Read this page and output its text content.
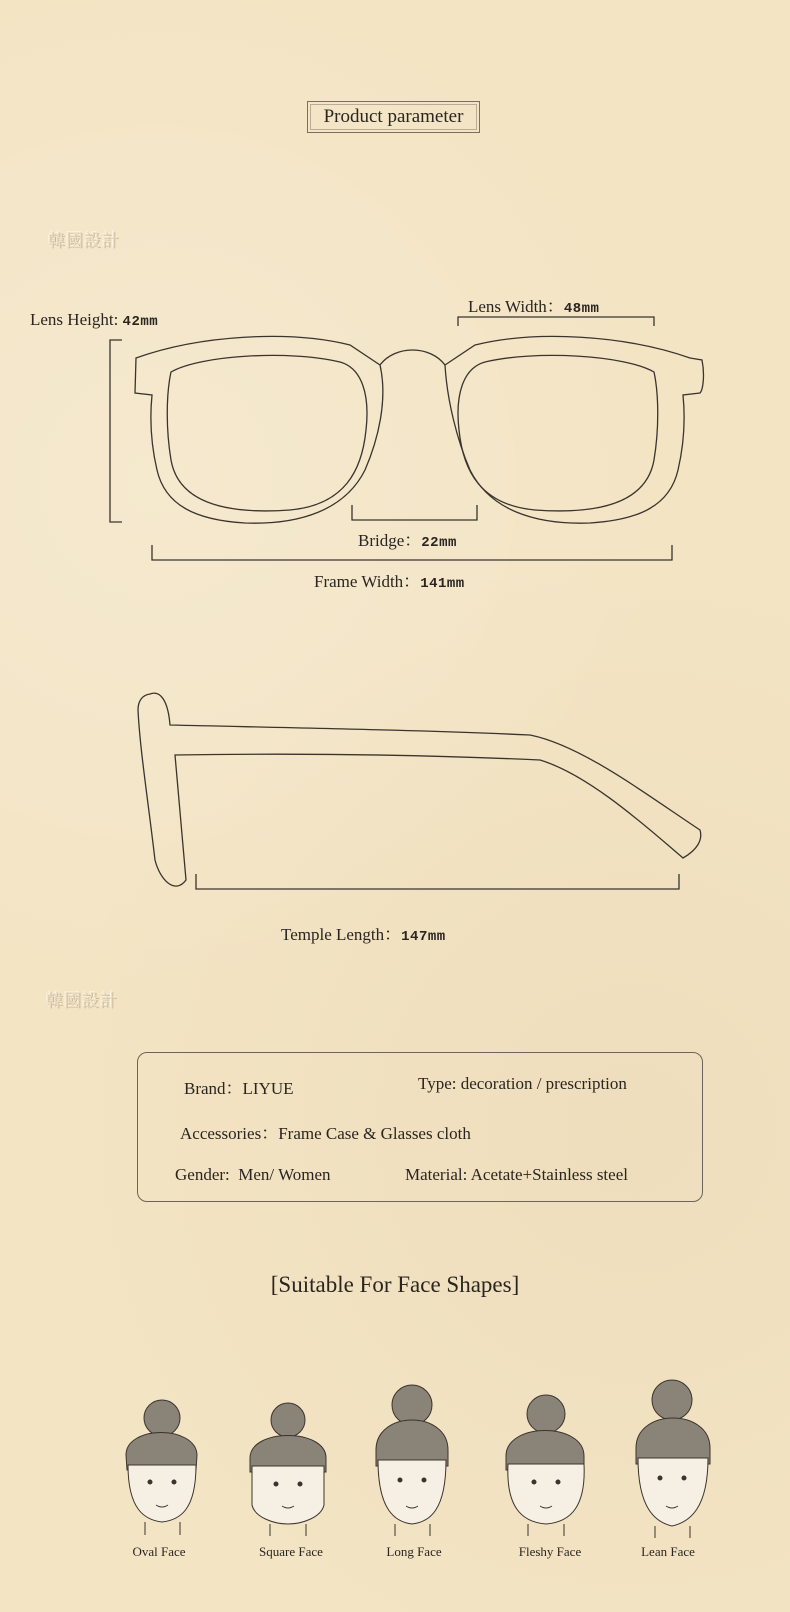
Product parameter
韓國設計
韓國設計
Lens Height: 42mm
Lens Width：48mm
Bridge：22mm
Frame Width：141mm
Temple Length：147mm
Brand：LIYUE	Type: decoration / prescription
Accessories：Frame Case & Glasses cloth
Gender: Men/ Women	Material: Acetate+Stainless steel
[Suitable For Face Shapes]
Oval Face	Square Face	Long Face	Fleshy Face	Lean Face
